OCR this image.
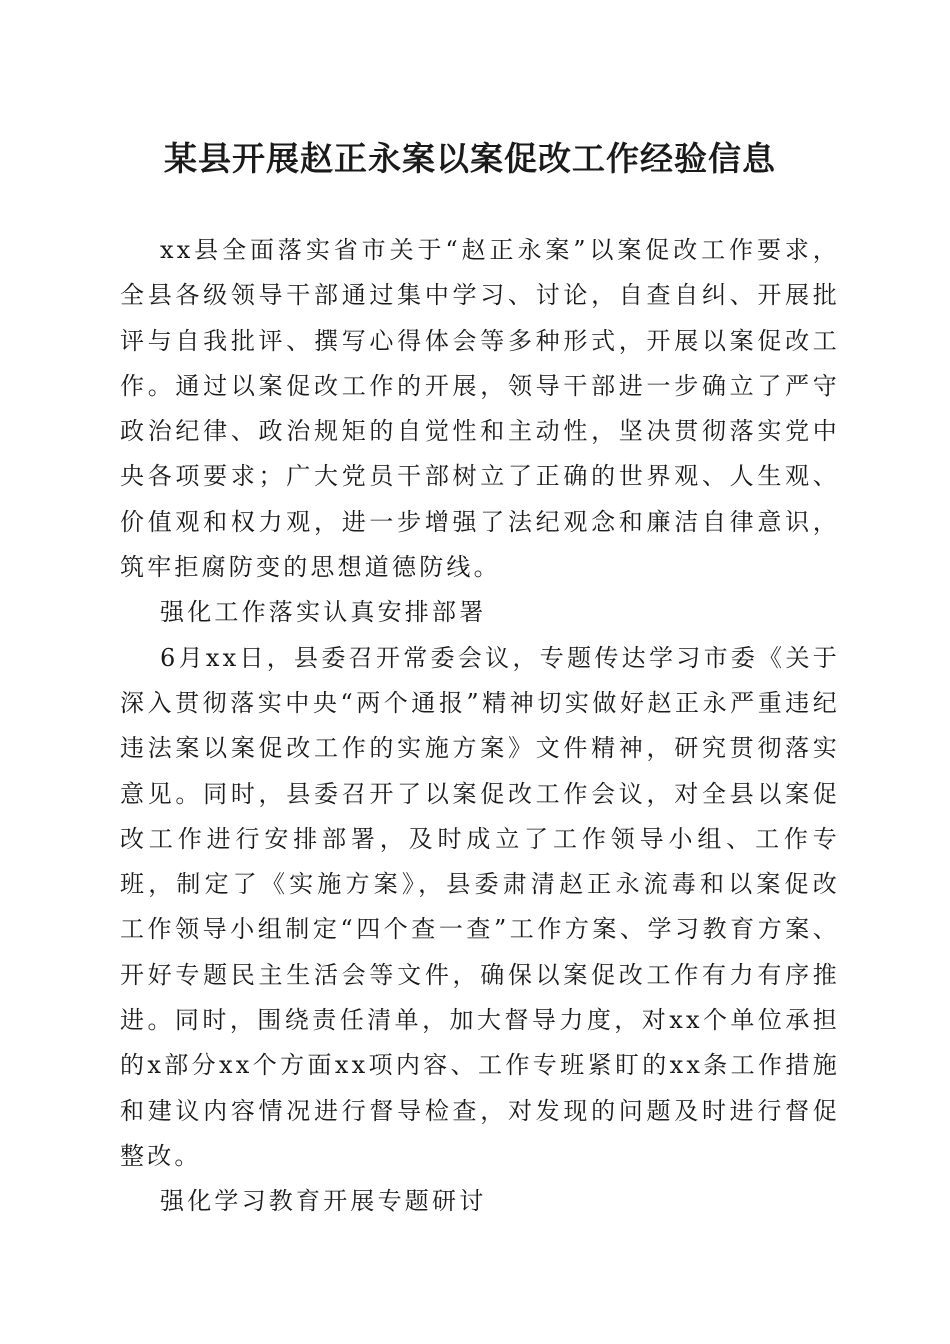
某县开展赵正永案以案促改工作经验信息

xx县全面落实省市关于“赵正永案”以案促改工作要求，全县各级领导干部通过集中学习、讨论，自查自纠、开展批评与自我批评、撰写心得体会等多种形式，开展以案促改工作。通过以案促改工作的开展，领导干部进一步确立了严守政治纪律、政治规矩的自觉性和主动性，坚决贯彻落实党中央各项要求；广大党员干部树立了正确的世界观、人生观、价值观和权力观，进一步增强了法纪观念和廉洁自律意识，筑牢拒腐防变的思想道德防线。

强化工作落实认真安排部署

6月xx日，县委召开常委会议，专题传达学习市委《关于深入贯彻落实中央“两个通报”精神切实做好赵正永严重违纪违法案以案促改工作的实施方案》文件精神，研究贯彻落实意见。同时，县委召开了以案促改工作会议，对全县以案促改工作进行安排部署，及时成立了工作领导小组、工作专班，制定了《实施方案》，县委肃清赵正永流毒和以案促改工作领导小组制定“四个查一查”工作方案、学习教育方案、开好专题民主生活会等文件，确保以案促改工作有力有序推进。同时，围绕责任清单，加大督导力度，对xx个单位承担的x部分xx个方面xx项内容、工作专班紧盯的xx条工作措施和建议内容情况进行督导检查，对发现的问题及时进行督促整改。

强化学习教育开展专题研讨
